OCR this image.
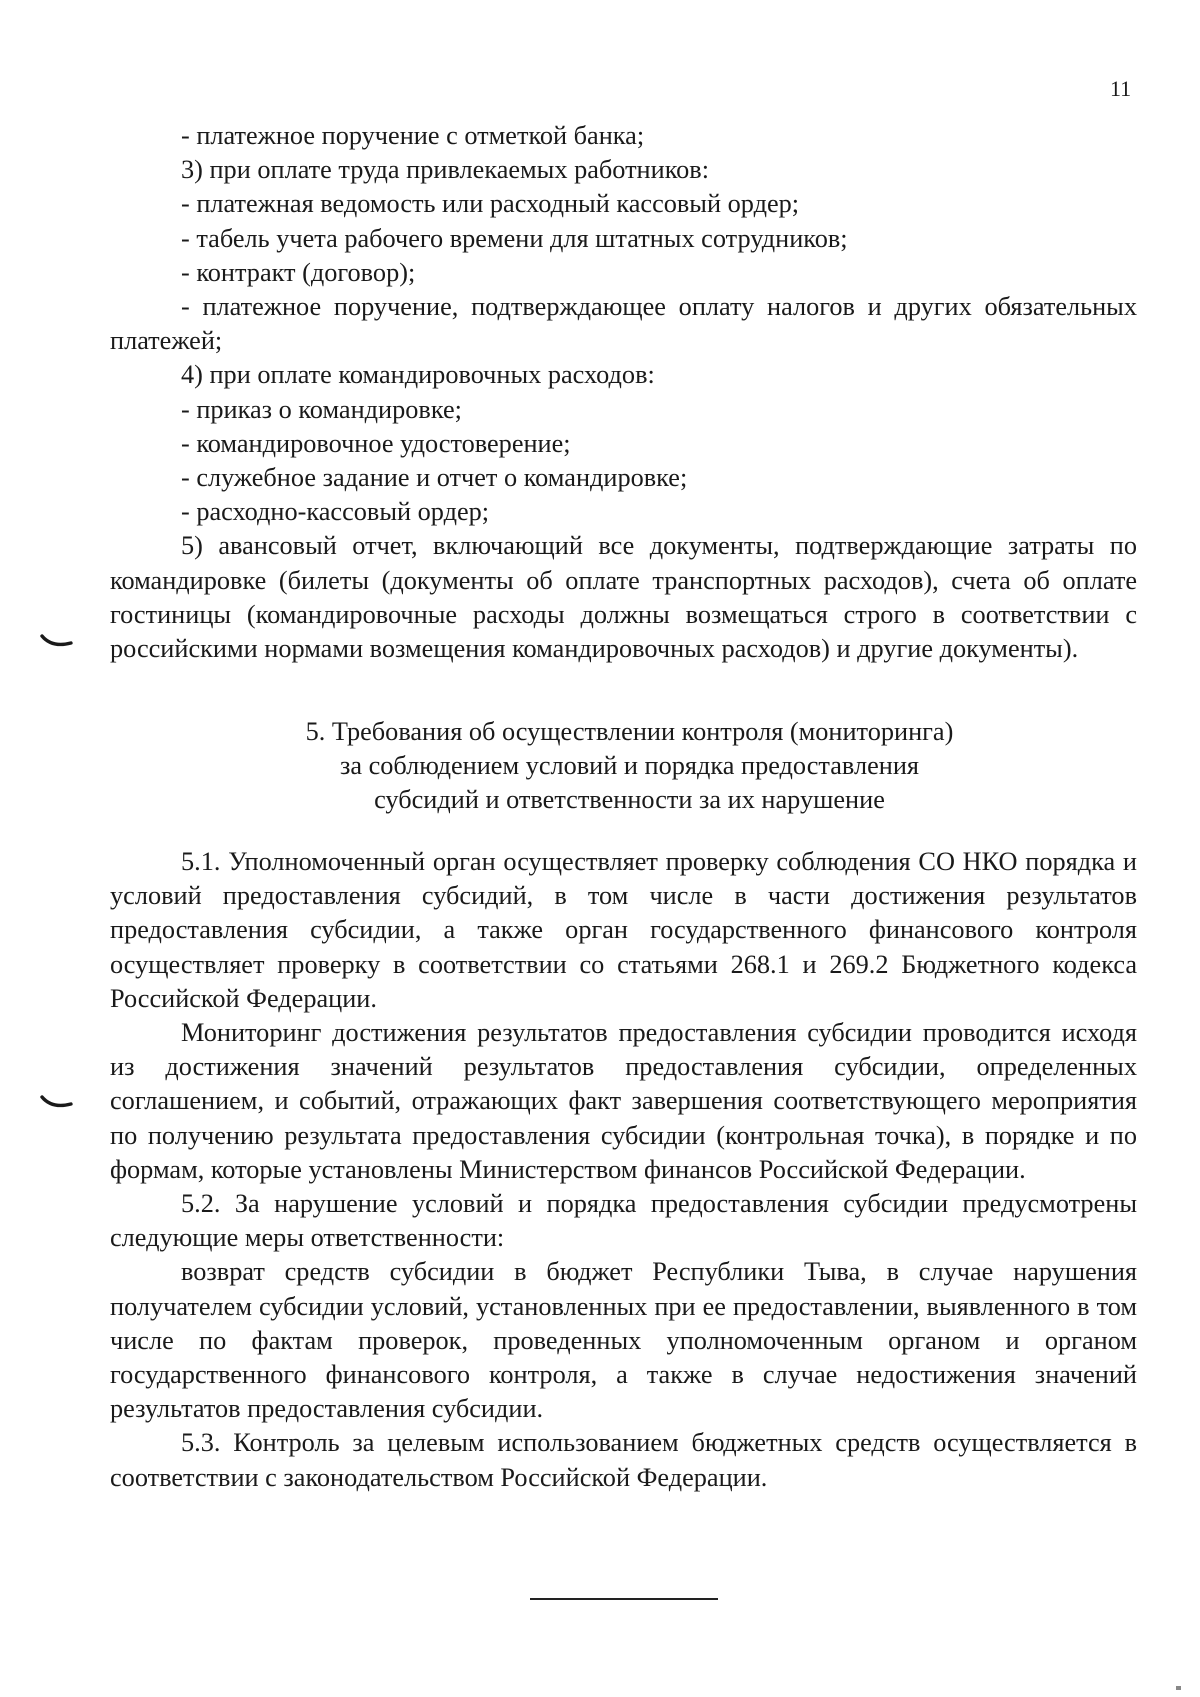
11

- платежное поручение с отметкой банка;

3) при оплате труда привлекаемых работников:

- платежная ведомость или расходный кассовый ордер;

- табель учета рабочего времени для штатных сотрудников;

- контракт (договор);

- платежное поручение, подтверждающее оплату налогов и других обязательных платежей;

4) при оплате командировочных расходов:

- приказ о командировке;

- командировочное удостоверение;

- служебное задание и отчет о командировке;

- расходно-кассовый ордер;

5) авансовый отчет, включающий все документы, подтверждающие затраты по командировке (билеты (документы об оплате транспортных расходов), счета об оплате гостиницы (командировочные расходы должны возмещаться строго в соответствии с российскими нормами возмещения командировочных расходов) и другие документы).

5. Требования об осуществлении контроля (мониторинга)
за соблюдением условий и порядка предоставления
субсидий и ответственности за их нарушение

5.1. Уполномоченный орган осуществляет проверку соблюдения СО НКО порядка и условий предоставления субсидий, в том числе в части достижения результатов предоставления субсидии, а также орган государственного финансового контроля осуществляет проверку в соответствии со статьями 268.1 и 269.2 Бюджетного кодекса Российской Федерации.

Мониторинг достижения результатов предоставления субсидии проводится исходя из достижения значений результатов предоставления субсидии, определенных соглашением, и событий, отражающих факт завершения соответствующего мероприятия по получению результата предоставления субсидии (контрольная точка), в порядке и по формам, которые установлены Министерством финансов Российской Федерации.

5.2. За нарушение условий и порядка предоставления субсидии предусмотрены следующие меры ответственности:

возврат средств субсидии в бюджет Республики Тыва, в случае нарушения получателем субсидии условий, установленных при ее предоставлении, выявленного в том числе по фактам проверок, проведенных уполномоченным органом и органом государственного финансового контроля, а также в случае недостижения значений результатов предоставления субсидии.

5.3. Контроль за целевым использованием бюджетных средств осуществляется в соответствии с законодательством Российской Федерации.
